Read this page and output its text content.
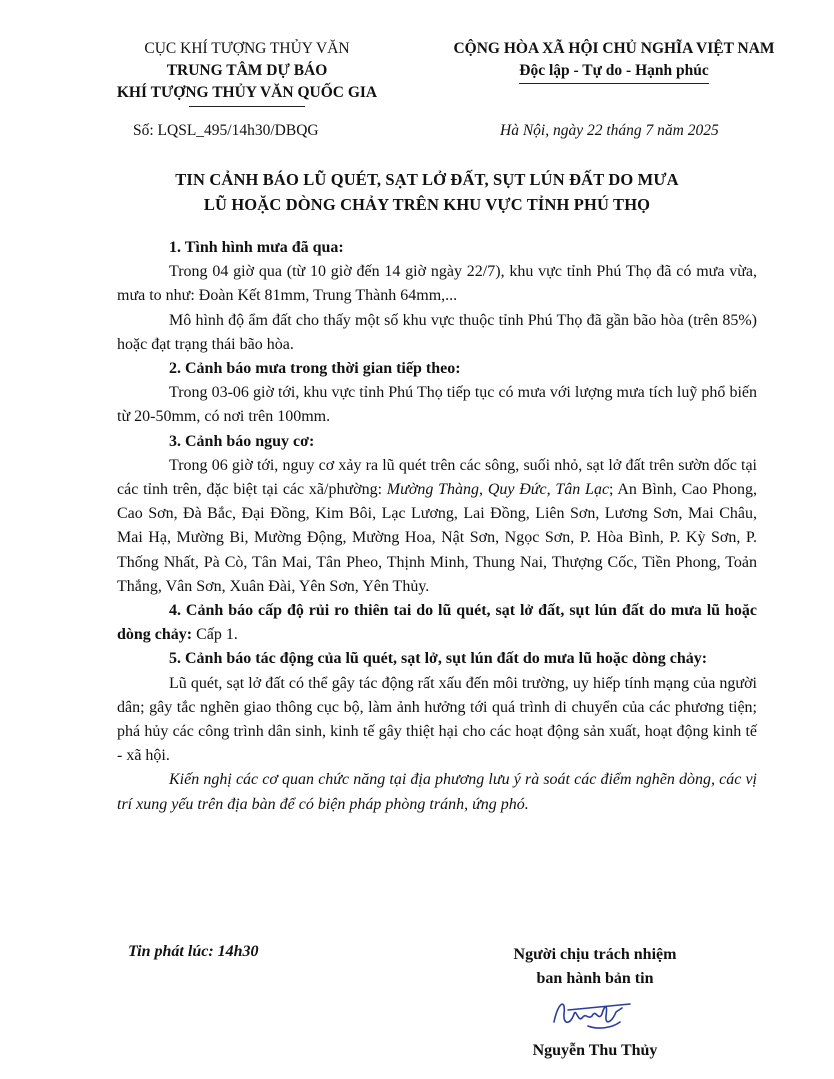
CỤC KHÍ TƯỢNG THỦY VĂN
TRUNG TÂM DỰ BÁO
KHÍ TƯỢNG THỦY VĂN QUỐC GIA
CỘNG HÒA XÃ HỘI CHỦ NGHĨA VIỆT NAM
Độc lập - Tự do - Hạnh phúc
Số: LQSL_495/14h30/DBQG	Hà Nội, ngày 22 tháng 7 năm 2025
TIN CẢNH BÁO LŨ QUÉT, SẠT LỞ ĐẤT, SỤT LÚN ĐẤT DO MƯA
LŨ HOẶC DÒNG CHẢY TRÊN KHU VỰC TỈNH PHÚ THỌ

1. Tình hình mưa đã qua:

Trong 04 giờ qua (từ 10 giờ đến 14 giờ ngày 22/7), khu vực tỉnh Phú Thọ đã có mưa vừa, mưa to như: Đoàn Kết 81mm, Trung Thành 64mm,...

Mô hình độ ẩm đất cho thấy một số khu vực thuộc tỉnh Phú Thọ đã gần bão hòa (trên 85%) hoặc đạt trạng thái bão hòa.

2. Cảnh báo mưa trong thời gian tiếp theo:

Trong 03-06 giờ tới, khu vực tỉnh Phú Thọ tiếp tục có mưa với lượng mưa tích luỹ phổ biến từ 20-50mm, có nơi trên 100mm.

3. Cảnh báo nguy cơ:

Trong 06 giờ tới, nguy cơ xảy ra lũ quét trên các sông, suối nhỏ, sạt lở đất trên sườn dốc tại các tỉnh trên, đặc biệt tại các xã/phường: Mường Thàng, Quy Đức, Tân Lạc; An Bình, Cao Phong, Cao Sơn, Đà Bắc, Đại Đồng, Kim Bôi, Lạc Lương, Lai Đồng, Liên Sơn, Lương Sơn, Mai Châu, Mai Hạ, Mường Bi, Mường Động, Mường Hoa, Nật Sơn, Ngọc Sơn, P. Hòa Bình, P. Kỳ Sơn, P. Thống Nhất, Pà Cò, Tân Mai, Tân Pheo, Thịnh Minh, Thung Nai, Thượng Cốc, Tiền Phong, Toản Thắng, Vân Sơn, Xuân Đài, Yên Sơn, Yên Thủy.

4. Cảnh báo cấp độ rủi ro thiên tai do lũ quét, sạt lở đất, sụt lún đất do mưa lũ hoặc dòng chảy: Cấp 1.

5. Cảnh báo tác động của lũ quét, sạt lở, sụt lún đất do mưa lũ hoặc dòng chảy:

Lũ quét, sạt lở đất có thể gây tác động rất xấu đến môi trường, uy hiếp tính mạng của người dân; gây tắc nghẽn giao thông cục bộ, làm ảnh hưởng tới quá trình di chuyển của các phương tiện; phá hủy các công trình dân sinh, kinh tế gây thiệt hại cho các hoạt động sản xuất, hoạt động kinh tế - xã hội.

Kiến nghị các cơ quan chức năng tại địa phương lưu ý rà soát các điểm nghẽn dòng, các vị trí xung yếu trên địa bàn để có biện pháp phòng tránh, ứng phó.

Tin phát lúc: 14h30	Người chịu trách nhiệm
ban hành bản tin
Nguyễn Thu Thủy
